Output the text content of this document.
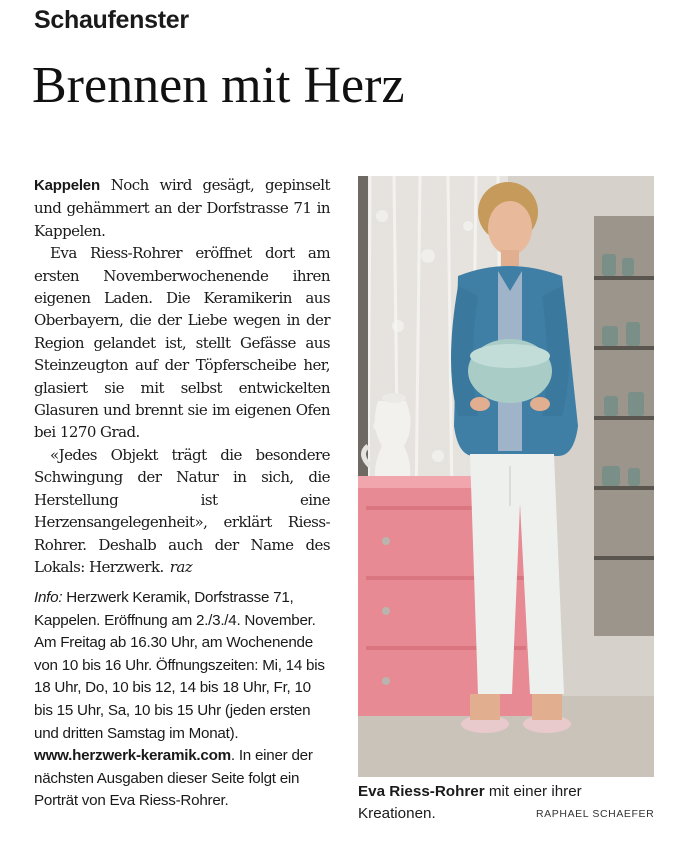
Schaufenster
Brennen mit Herz

Kappelen Noch wird gesägt, gepinselt und gehämmert an der Dorfstrasse 71 in Kappelen.

Eva Riess-Rohrer eröffnet dort am ersten Novemberwochenende ihren eigenen Laden. Die Keramikerin aus Oberbayern, die der Liebe wegen in der Region gelandet ist, stellt Gefässe aus Steinzeugton auf der Töpferscheibe her, glasiert sie mit selbst entwickelten Glasuren und brennt sie im eigenen Ofen bei 1270 Grad.

«Jedes Objekt trägt die besondere Schwingung der Natur in sich, die Herstellung ist eine Herzensangelegenheit», erklärt Riess-Rohrer. Deshalb auch der Name des Lokals: Herzwerk. raz

Info: Herzwerk Keramik, Dorfstrasse 71, Kappelen. Eröffnung am 2./3./4. November. Am Freitag ab 16.30 Uhr, am Wochenende von 10 bis 16 Uhr. Öffnungszeiten: Mi, 14 bis 18 Uhr, Do, 10 bis 12, 14 bis 18 Uhr, Fr, 10 bis 15 Uhr, Sa, 10 bis 15 Uhr (jeden ersten und dritten Samstag im Monat). www.herzwerk-keramik.com. In einer der nächsten Ausgaben dieser Seite folgt ein Porträt von Eva Riess-Rohrer.

Eva Riess-Rohrer mit einer ihrer Kreationen.	RAPHAEL SCHAEFER
